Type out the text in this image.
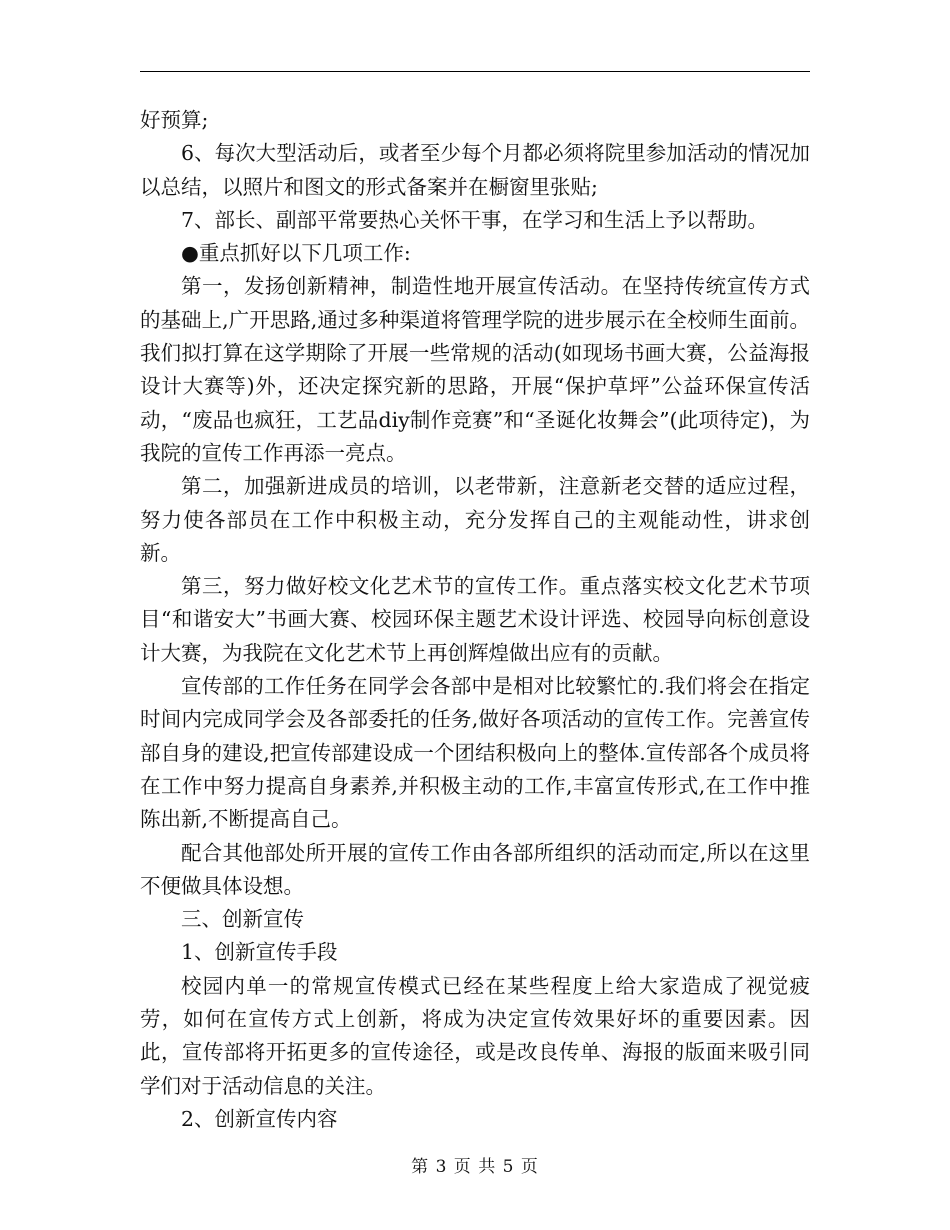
好预算;

6、每次大型活动后，或者至少每个月都必须将院里参加活动的情况加以总结，以照片和图文的形式备案并在橱窗里张贴;

7、部长、副部平常要热心关怀干事，在学习和生活上予以帮助。

●重点抓好以下几项工作:

第一，发扬创新精神，制造性地开展宣传活动。在坚持传统宣传方式的基础上,广开思路,通过多种渠道将管理学院的进步展示在全校师生面前。我们拟打算在这学期除了开展一些常规的活动(如现场书画大赛，公益海报设计大赛等)外，还决定探究新的思路，开展“保护草坪”公益环保宣传活动，“废品也疯狂，工艺品diy制作竞赛”和“圣诞化妆舞会”(此项待定)，为我院的宣传工作再添一亮点。

第二，加强新进成员的培训，以老带新，注意新老交替的适应过程，努力使各部员在工作中积极主动，充分发挥自己的主观能动性，讲求创新。

第三，努力做好校文化艺术节的宣传工作。重点落实校文化艺术节项目“和谐安大”书画大赛、校园环保主题艺术设计评选、校园导向标创意设计大赛，为我院在文化艺术节上再创辉煌做出应有的贡献。

宣传部的工作任务在同学会各部中是相对比较繁忙的.我们将会在指定时间内完成同学会及各部委托的任务,做好各项活动的宣传工作。完善宣传部自身的建设,把宣传部建设成一个团结积极向上的整体.宣传部各个成员将在工作中努力提高自身素养,并积极主动的工作,丰富宣传形式,在工作中推陈出新,不断提高自己。

配合其他部处所开展的宣传工作由各部所组织的活动而定,所以在这里不便做具体设想。

三、创新宣传

1、创新宣传手段

校园内单一的常规宣传模式已经在某些程度上给大家造成了视觉疲劳，如何在宣传方式上创新，将成为决定宣传效果好坏的重要因素。因此，宣传部将开拓更多的宣传途径，或是改良传单、海报的版面来吸引同学们对于活动信息的关注。

2、创新宣传内容

第 3 页 共 5 页
